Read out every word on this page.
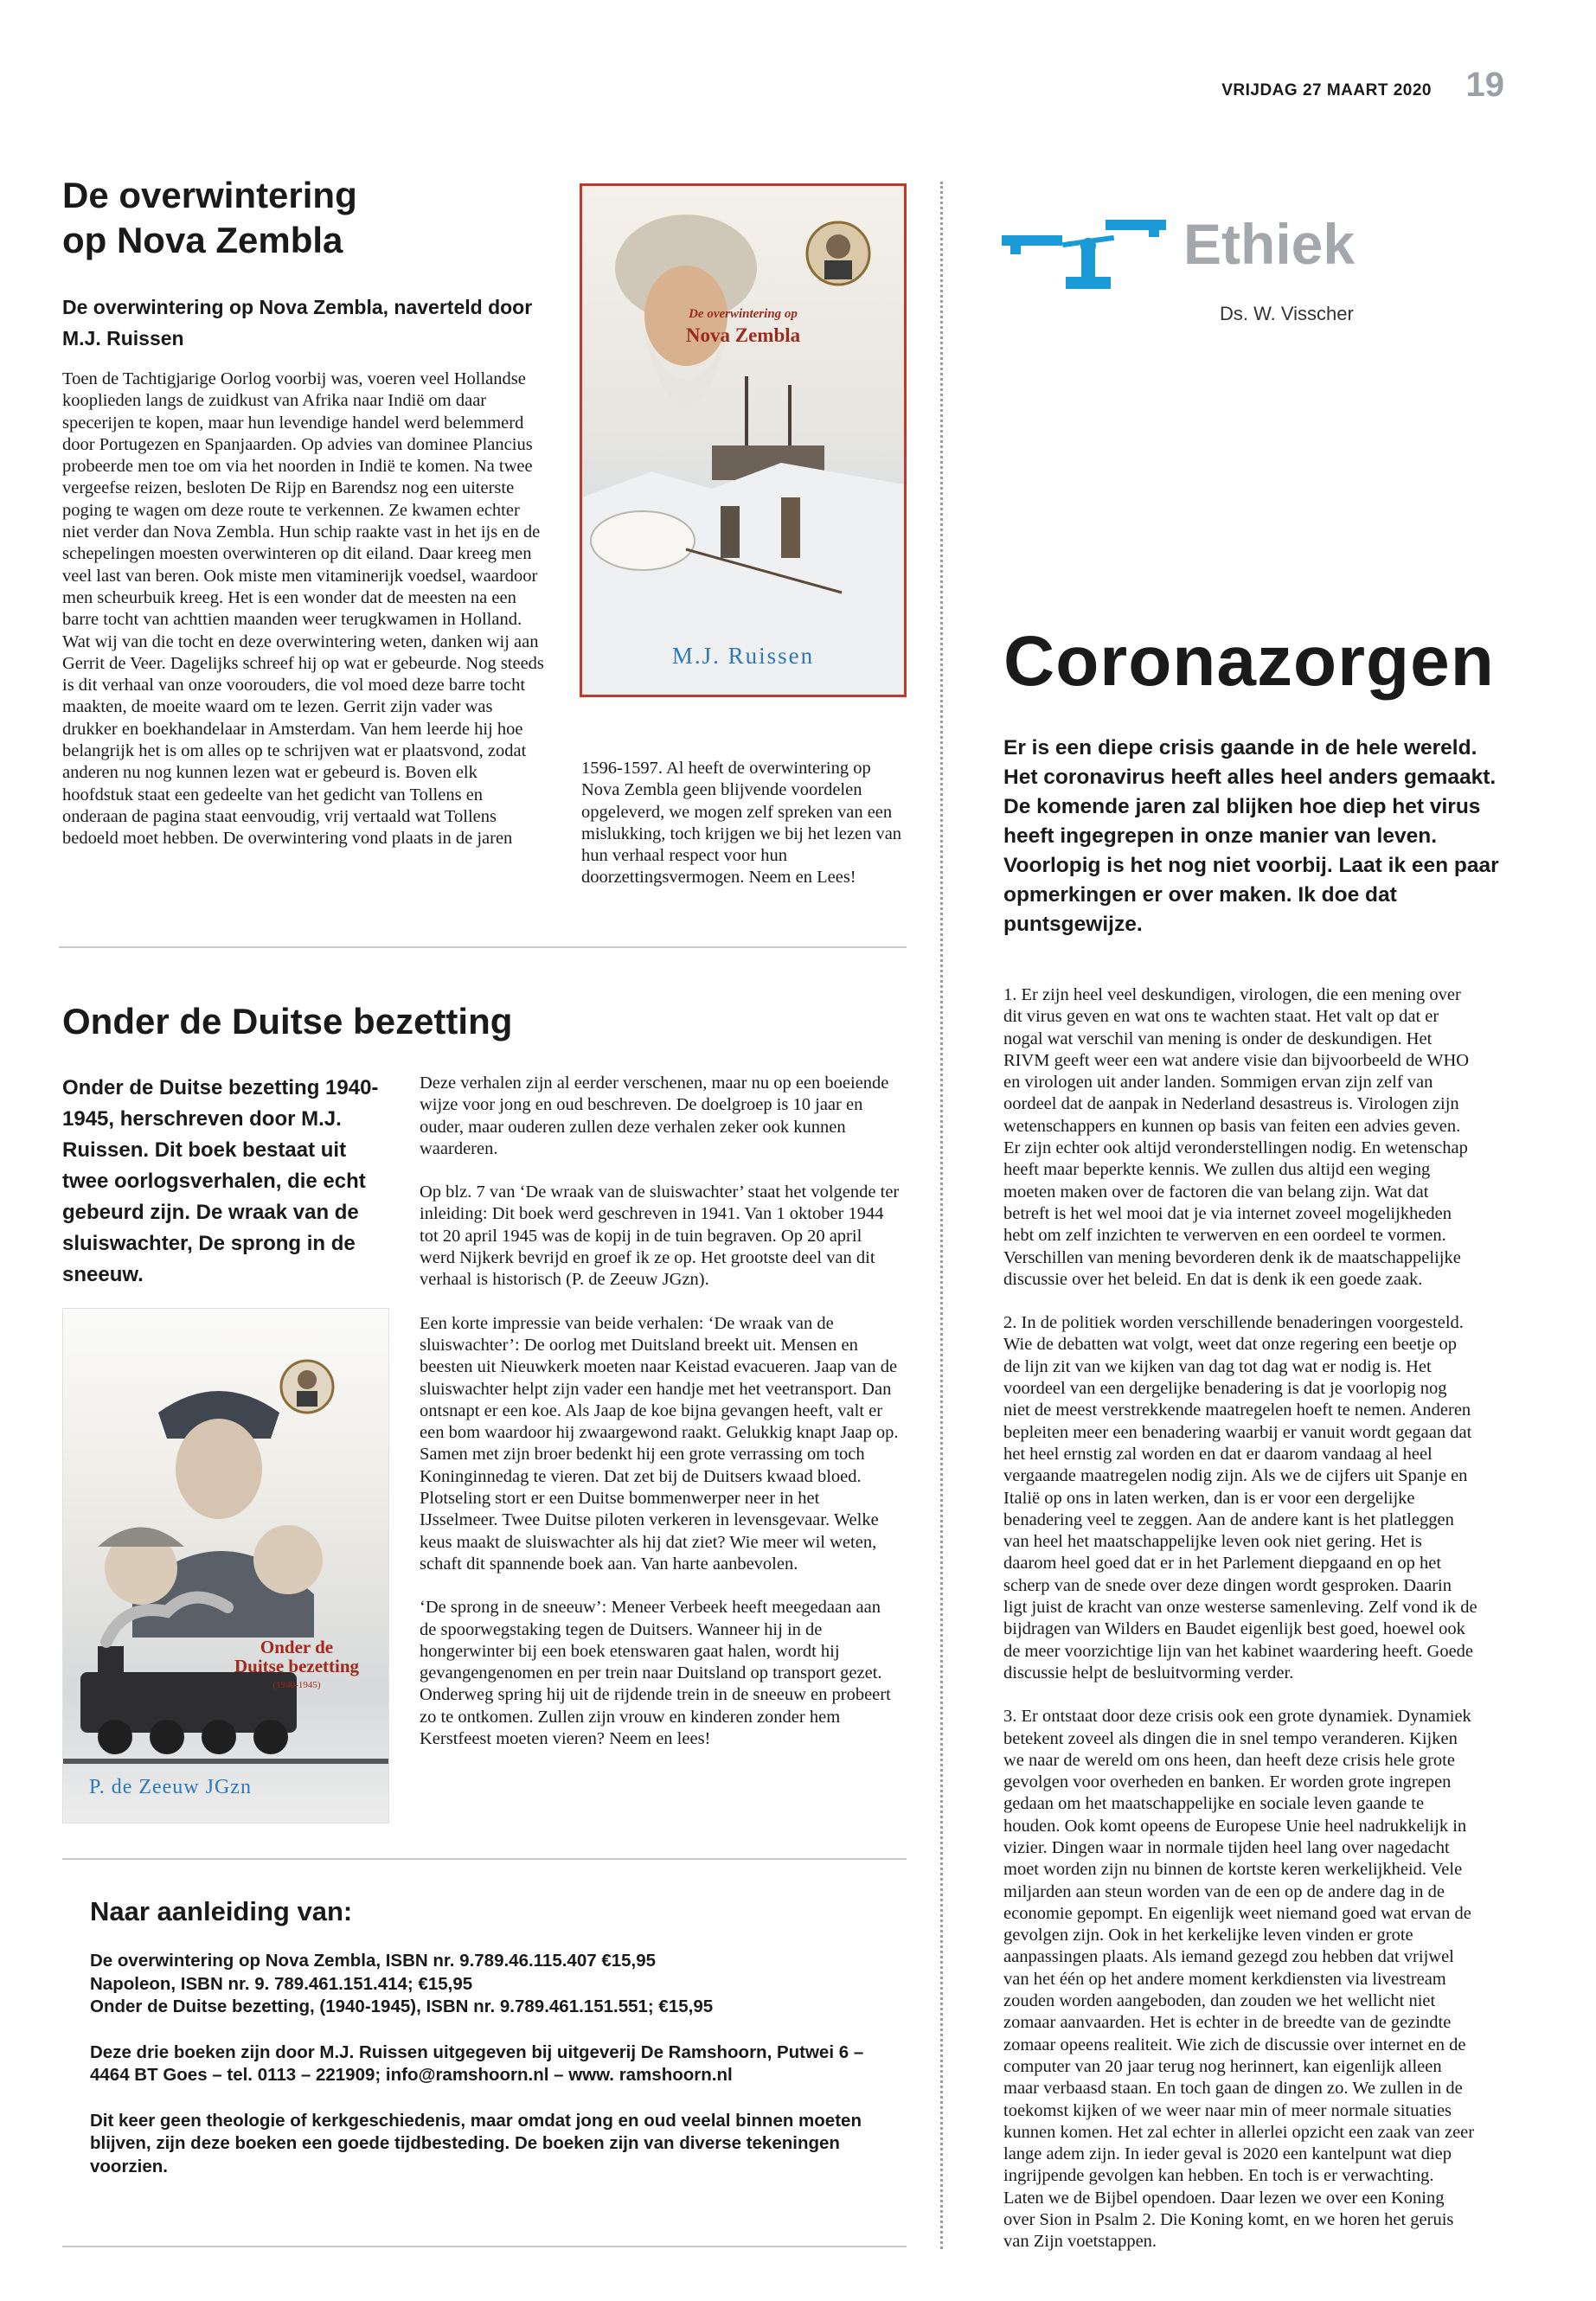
VRIJDAG 27 MAART 2020 19
De overwintering
op Nova Zembla
De overwintering op Nova Zembla, naverteld door M.J. Ruissen
Toen de Tachtigjarige Oorlog voorbij was, voeren veel Hollandse kooplieden langs de zuidkust van Afrika naar Indië om daar specerijen te kopen, maar hun levendige handel werd belemmerd door Portugezen en Spanjaarden. Op advies van dominee Plancius probeerde men toe om via het noorden in Indië te komen. Na twee vergeefse reizen, besloten De Rijp en Barendsz nog een uiterste poging te wagen om deze route te verkennen. Ze kwamen echter niet verder dan Nova Zembla. Hun schip raakte vast in het ijs en de schepelingen moesten overwinteren op dit eiland. Daar kreeg men veel last van beren. Ook miste men vitaminerijk voedsel, waardoor men scheurbuik kreeg. Het is een wonder dat de meesten na een barre tocht van achttien maanden weer terugkwamen in Holland. Wat wij van die tocht en deze overwintering weten, danken wij aan Gerrit de Veer. Dagelijks schreef hij op wat er gebeurde. Nog steeds is dit verhaal van onze voorouders, die vol moed deze barre tocht maakten, de moeite waard om te lezen. Gerrit zijn vader was drukker en boekhandelaar in Amsterdam. Van hem leerde hij hoe belangrijk het is om alles op te schrijven wat er plaatsvond, zodat anderen nu nog kunnen lezen wat er gebeurd is. Boven elk hoofdstuk staat een gedeelte van het gedicht van Tollens en onderaan de pagina staat eenvoudig, vrij vertaald wat Tollens bedoeld moet hebben. De overwintering vond plaats in de jaren
De overwintering op
Nova Zembla
M.J. Ruissen
1596-1597. Al heeft de overwintering op Nova Zembla geen blijvende voordelen opgeleverd, we mogen zelf spreken van een mislukking, toch krijgen we bij het lezen van hun verhaal respect voor hun doorzettingsvermogen. Neem en Lees!
Onder de Duitse bezetting
Onder de Duitse bezetting 1940-1945, herschreven door M.J. Ruissen. Dit boek bestaat uit twee oorlogsverhalen, die echt gebeurd zijn. De wraak van de sluiswachter, De sprong in de sneeuw.
Onder de
Duitse bezetting
(1940-1945)
P. de Zeeuw JGzn

Deze verhalen zijn al eerder verschenen, maar nu op een boeiende wijze voor jong en oud beschreven. De doelgroep is 10 jaar en ouder, maar ouderen zullen deze verhalen zeker ook kunnen waarderen.

Op blz. 7 van ‘De wraak van de sluiswachter’ staat het volgende ter inleiding: Dit boek werd geschreven in 1941. Van 1 oktober 1944 tot 20 april 1945 was de kopij in de tuin begraven. Op 20 april werd Nijkerk bevrijd en groef ik ze op. Het grootste deel van dit verhaal is historisch (P. de Zeeuw JGzn).

Een korte impressie van beide verhalen: ‘De wraak van de sluiswachter’: De oorlog met Duitsland breekt uit. Mensen en beesten uit Nieuwkerk moeten naar Keistad evacueren. Jaap van de sluiswachter helpt zijn vader een handje met het veetransport. Dan ontsnapt er een koe. Als Jaap de koe bijna gevangen heeft, valt er een bom waardoor hij zwaargewond raakt. Gelukkig knapt Jaap op. Samen met zijn broer bedenkt hij een grote verrassing om toch Koninginnedag te vieren. Dat zet bij de Duitsers kwaad bloed. Plotseling stort er een Duitse bommenwerper neer in het IJsselmeer. Twee Duitse piloten verkeren in levensgevaar. Welke keus maakt de sluiswachter als hij dat ziet? Wie meer wil weten, schaft dit spannende boek aan. Van harte aanbevolen.

‘De sprong in de sneeuw’: Meneer Verbeek heeft meegedaan aan de spoorwegstaking tegen de Duitsers. Wanneer hij in de hongerwinter bij een boek etenswaren gaat halen, wordt hij gevangengenomen en per trein naar Duitsland op transport gezet. Onderweg spring hij uit de rijdende trein in de sneeuw en probeert zo te ontkomen. Zullen zijn vrouw en kinderen zonder hem Kerstfeest moeten vieren? Neem en lees!

Naar aanleiding van:
De overwintering op Nova Zembla, ISBN nr. 9.789.46.115.407 €15,95
Napoleon, ISBN nr. 9. 789.461.151.414; €15,95
Onder de Duitse bezetting, (1940-1945), ISBN nr. 9.789.461.151.551; €15,95
Deze drie boeken zijn door M.J. Ruissen uitgegeven bij uitgeverij De Ramshoorn, Putwei 6 – 4464 BT Goes – tel. 0113 – 221909; info@ramshoorn.nl – www. ramshoorn.nl
Dit keer geen theologie of kerkgeschiedenis, maar omdat jong en oud veelal binnen moeten blijven, zijn deze boeken een goede tijdbesteding. De boeken zijn van diverse tekeningen voorzien.
Ethiek
Ds. W. Visscher
Coronazorgen
Er is een diepe crisis gaande in de hele wereld. Het coronavirus heeft alles heel anders gemaakt. De komende jaren zal blijken hoe diep het virus heeft ingegrepen in onze manier van leven. Voorlopig is het nog niet voorbij. Laat ik een paar opmerkingen er over maken. Ik doe dat puntsgewijze.

1. Er zijn heel veel deskundigen, virologen, die een mening over dit virus geven en wat ons te wachten staat. Het valt op dat er nogal wat verschil van mening is onder de deskundigen. Het RIVM geeft weer een wat andere visie dan bijvoorbeeld de WHO en virologen uit ander landen. Sommigen ervan zijn zelf van oordeel dat de aanpak in Nederland desastreus is. Virologen zijn wetenschappers en kunnen op basis van feiten een advies geven. Er zijn echter ook altijd veronderstellingen nodig. En wetenschap heeft maar beperkte kennis. We zullen dus altijd een weging moeten maken over de factoren die van belang zijn. Wat dat betreft is het wel mooi dat je via internet zoveel mogelijkheden hebt om zelf inzichten te verwerven en een oordeel te vormen. Verschillen van mening bevorderen denk ik de maatschappelijke discussie over het beleid. En dat is denk ik een goede zaak.

2. In de politiek worden verschillende benaderingen voorgesteld. Wie de debatten wat volgt, weet dat onze regering een beetje op de lijn zit van we kijken van dag tot dag wat er nodig is. Het voordeel van een dergelijke benadering is dat je voorlopig nog niet de meest verstrekkende maatregelen hoeft te nemen. Anderen bepleiten meer een benadering waarbij er vanuit wordt gegaan dat het heel ernstig zal worden en dat er daarom vandaag al heel vergaande maatregelen nodig zijn. Als we de cijfers uit Spanje en Italië op ons in laten werken, dan is er voor een dergelijke benadering veel te zeggen. Aan de andere kant is het platleggen van heel het maatschappelijke leven ook niet gering. Het is daarom heel goed dat er in het Parlement diepgaand en op het scherp van de snede over deze dingen wordt gesproken. Daarin ligt juist de kracht van onze westerse samenleving. Zelf vond ik de bijdragen van Wilders en Baudet eigenlijk best goed, hoewel ook de meer voorzichtige lijn van het kabinet waardering heeft. Goede discussie helpt de besluitvorming verder.

3. Er ontstaat door deze crisis ook een grote dynamiek. Dynamiek betekent zoveel als dingen die in snel tempo veranderen. Kijken we naar de wereld om ons heen, dan heeft deze crisis hele grote gevolgen voor overheden en banken. Er worden grote ingrepen gedaan om het maatschappelijke en sociale leven gaande te houden. Ook komt opeens de Europese Unie heel nadrukkelijk in vizier. Dingen waar in normale tijden heel lang over nagedacht moet worden zijn nu binnen de kortste keren werkelijkheid. Vele miljarden aan steun worden van de een op de andere dag in de economie gepompt. En eigenlijk weet niemand goed wat ervan de gevolgen zijn. Ook in het kerkelijke leven vinden er grote aanpassingen plaats. Als iemand gezegd zou hebben dat vrijwel van het één op het andere moment kerkdiensten via livestream zouden worden aangeboden, dan zouden we het wellicht niet zomaar aanvaarden. Het is echter in de breedte van de gezindte zomaar opeens realiteit. Wie zich de discussie over internet en de computer van 20 jaar terug nog herinnert, kan eigenlijk alleen maar verbaasd staan. En toch gaan de dingen zo. We zullen in de toekomst kijken of we weer naar min of meer normale situaties kunnen komen. Het zal echter in allerlei opzicht een zaak van zeer lange adem zijn. In ieder geval is 2020 een kantelpunt wat diep ingrijpende gevolgen kan hebben. En toch is er verwachting. Laten we de Bijbel opendoen. Daar lezen we over een Koning over Sion in Psalm 2. Die Koning komt, en we horen het geruis van Zijn voetstappen.
